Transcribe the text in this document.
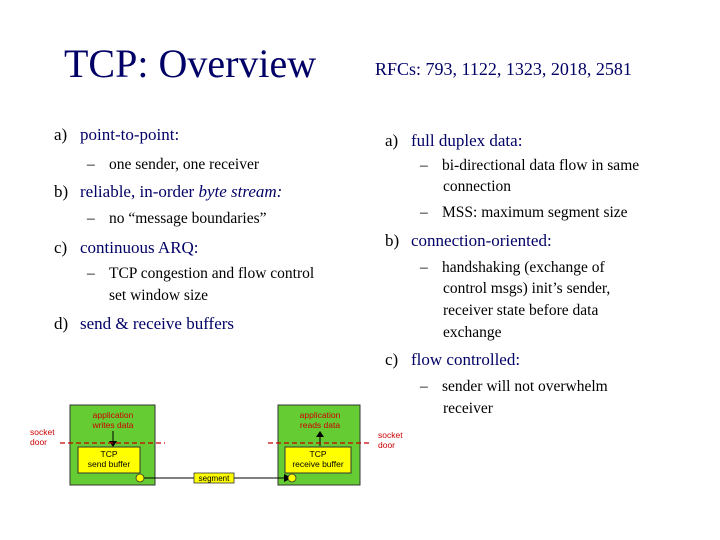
TCP: Overview	RFCs: 793, 1122, 1323, 2018, 2581
a) point-to-point:
– one sender, one receiver
b) reliable, in-order byte stream:
– no “message boundaries”
c) continuous ARQ:
– TCP congestion and flow control
set window size
d) send & receive buffers
a) full duplex data:
– bi-directional data flow in same
connection
– MSS: maximum segment size
b) connection-oriented:
– handshaking (exchange of
control msgs) init’s sender,
receiver state before data
exchange
c) flow controlled:
– sender will not overwhelm
receiver
application
writes data
application
reads data
TCP
send buffer
TCP
receive buffer
socket
door
socket
door
segment
